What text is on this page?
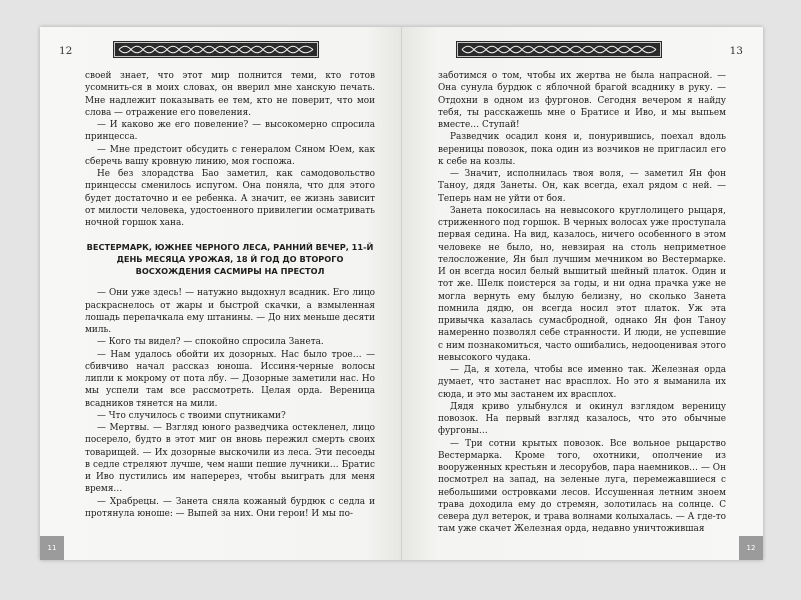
12

своей знает, что этот мир полнится теми, кто готов усомнить-ся в моих словах, он вверил мне ханскую печать. Мне надлежит показывать ее тем, кто не поверит, что мои слова — отражение его повеления.

— И каково же его повеление? — высокомерно спросила принцесса.

— Мне предстоит обсудить с генералом Сяном Юем, как сберечь вашу кровную линию, моя госпожа.

Не без злорадства Бао заметил, как самодовольство принцессы сменилось испугом. Она поняла, что для этого будет достаточно и ее ребенка. А значит, ее жизнь зависит от милости человека, удостоенного привилегии осматривать ночной горшок хана.

ВЕСТЕРМАРК, ЮЖНЕЕ ЧЕРНОГО ЛЕСА, РАННИЙ ВЕЧЕР, 11-Й ДЕНЬ МЕСЯЦА УРОЖАЯ, 18 Й ГОД ДО ВТОРОГО ВОСХОЖДЕНИЯ САСМИРЫ НА ПРЕСТОЛ

— Они уже здесь! — натужно выдохнул всадник. Его лицо раскраснелось от жары и быстрой скачки, а взмыленная лошадь перепачкала ему штанины. — До них меньше десяти миль.

— Кого ты видел? — спокойно спросила Занета.

— Нам удалось обойти их дозорных. Нас было трое… — сбивчиво начал рассказ юноша. Иссиня-черные волосы липли к мокрому от пота лбу. — Дозорные заметили нас. Но мы успели там все рассмотреть. Целая орда. Вереница всадников тянется на мили.

— Что случилось с твоими спутниками?

— Мертвы. — Взгляд юного разведчика остекленел, лицо посерело, будто в этот миг он вновь пережил смерть своих товарищей. — Их дозорные выскочили из леса. Эти песоеды в седле стреляют лучше, чем наши пешие лучники… Братис и Иво пустились им наперерез, чтобы выиграть для меня время…

— Храбрецы. — Занета сняла кожаный бурдюк с седла и протянула юноше: — Выпей за них. Они герои! И мы по-

11
13

заботимся о том, чтобы их жертва не была напрасной. — Она сунула бурдюк с яблочной брагой всаднику в руку. — Отдохни в одном из фургонов. Сегодня вечером я найду тебя, ты расскажешь мне о Братисе и Иво, и мы выпьем вместе… Ступай!

Разведчик осадил коня и, понурившись, поехал вдоль вереницы повозок, пока один из возчиков не пригласил его к себе на козлы.

— Значит, исполнилась твоя воля, — заметил Ян фон Таноу, дядя Занеты. Он, как всегда, ехал рядом с ней. — Теперь нам не уйти от боя.

Занета покосилась на невысокого круглолицего рыцаря, стриженного под горшок. В черных волосах уже проступала первая седина. На вид, казалось, ничего особенного в этом человеке не было, но, невзирая на столь неприметное телосложение, Ян был лучшим мечником во Вестермарке. И он всегда носил белый вышитый шейный платок. Один и тот же. Шелк поистерся за годы, и ни одна прачка уже не могла вернуть ему былую белизну, но сколько Занета помнила дядю, он всегда носил этот платок. Уж эта привычка казалась сумасбродной, однако Ян фон Таноу намеренно позволял себе странности. И люди, не успевшие с ним познакомиться, часто ошибались, недооценивая этого невысокого чудака.

— Да, я хотела, чтобы все именно так. Железная орда думает, что застанет нас врасплох. Но это я выманила их сюда, и это мы застанем их врасплох.

Дядя криво улыбнулся и окинул взглядом вереницу повозок. На первый взгляд казалось, что это обычные фургоны…

— Три сотни крытых повозок. Все вольное рыцарство Вестермарка. Кроме того, охотники, ополчение из вооруженных крестьян и лесорубов, пара наемников… — Он посмотрел на запад, на зеленые луга, перемежавшиеся с небольшими островками лесов. Иссушенная летним зноем трава доходила ему до стремян, золотилась на солнце. С севера дул ветерок, и трава волнами колыхалась. — А где-то там уже скачет Железная орда, недавно уничтожившая

12
